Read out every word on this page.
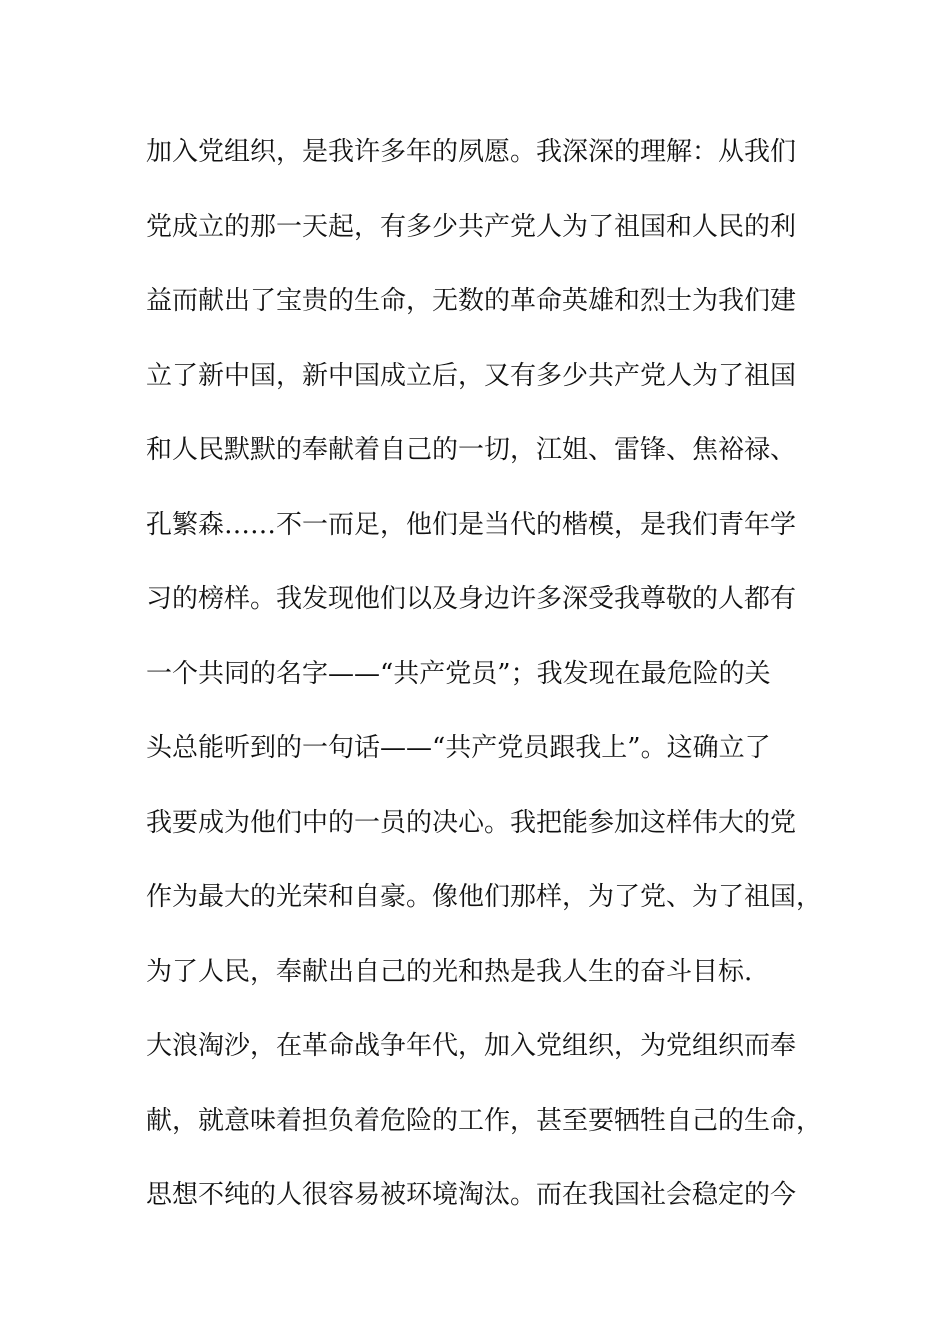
加入党组织，是我许多年的夙愿。我深深的理解：从我们
党成立的那一天起，有多少共产党人为了祖国和人民的利
益而献出了宝贵的生命，无数的革命英雄和烈士为我们建
立了新中国，新中国成立后，又有多少共产党人为了祖国
和人民默默的奉献着自己的一切，江姐、雷锋、焦裕禄、
孔繁森……不一而足，他们是当代的楷模，是我们青年学
习的榜样。我发现他们以及身边许多深受我尊敬的人都有
一个共同的名字——“共产党员”；我发现在最危险的关
头总能听到的一句话——“共产党员跟我上”。这确立了
我要成为他们中的一员的决心。我把能参加这样伟大的党
作为最大的光荣和自豪。像他们那样，为了党、为了祖国，
为了人民，奉献出自己的光和热是我人生的奋斗目标.
大浪淘沙，在革命战争年代，加入党组织，为党组织而奉
献，就意味着担负着危险的工作，甚至要牺牲自己的生命，
思想不纯的人很容易被环境淘汰。而在我国社会稳定的今
